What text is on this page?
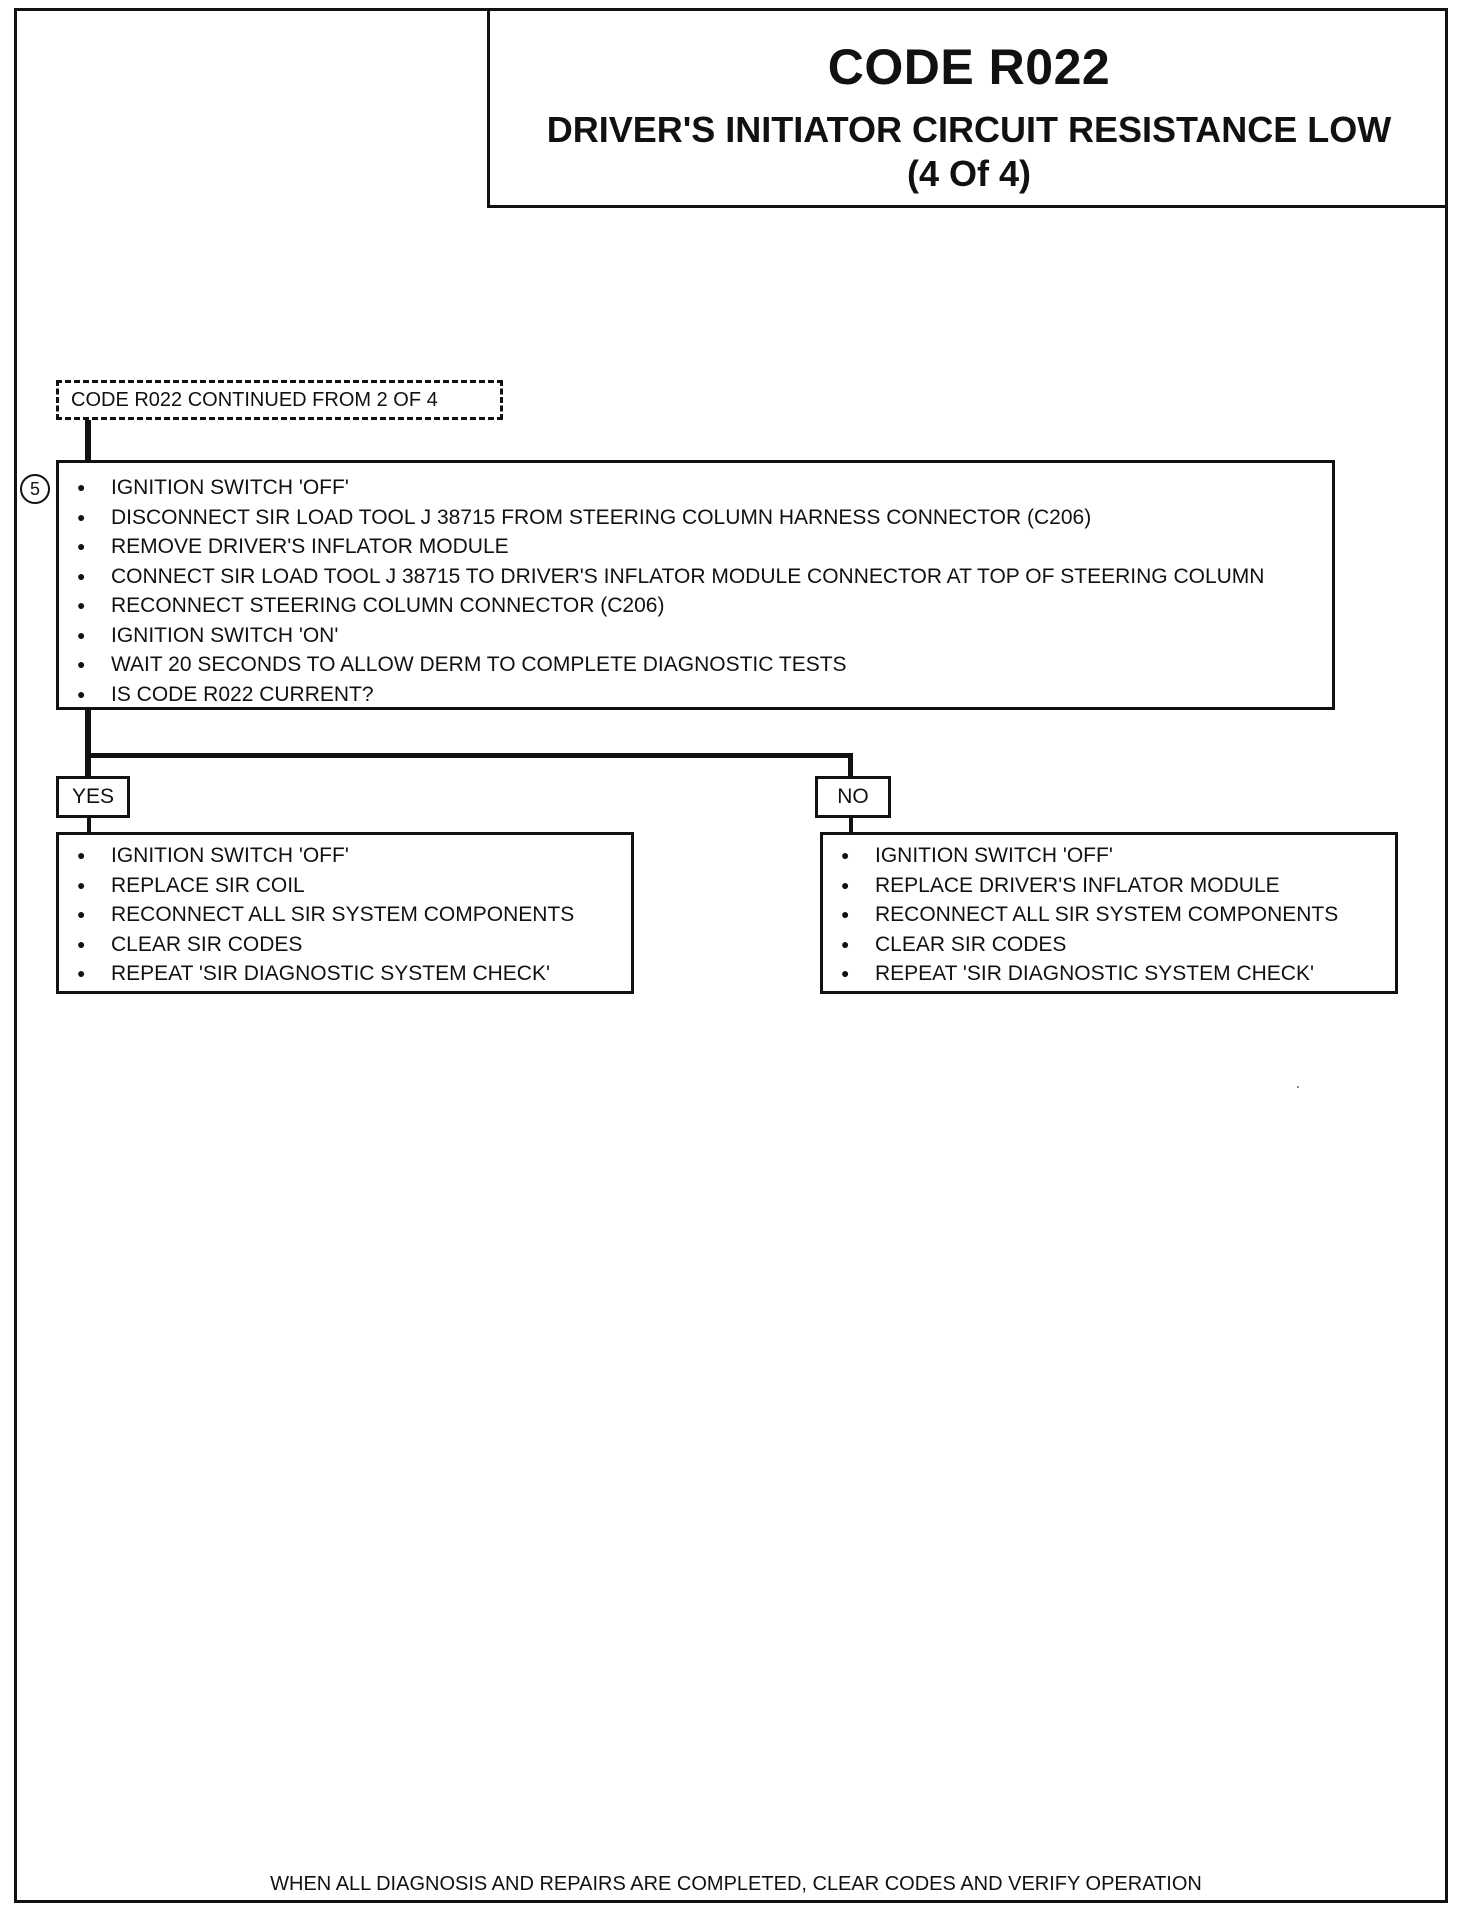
CODE R022
DRIVER'S INITIATOR CIRCUIT RESISTANCE LOW
(4 Of 4)
CODE R022 CONTINUED FROM 2 OF 4
5
●	IGNITION SWITCH 'OFF'
● DISCONNECT SIR LOAD TOOL J 38715 FROM STEERING COLUMN HARNESS CONNECTOR (C206)
● REMOVE DRIVER'S INFLATOR MODULE
● CONNECT SIR LOAD TOOL J 38715 TO DRIVER'S INFLATOR MODULE CONNECTOR AT TOP OF STEERING COLUMN
● RECONNECT STEERING COLUMN CONNECTOR (C206)
● IGNITION SWITCH 'ON'
● WAIT 20 SECONDS TO ALLOW DERM TO COMPLETE DIAGNOSTIC TESTS
● IS CODE R022 CURRENT?
YES	NO
● IGNITION SWITCH 'OFF'
● REPLACE SIR COIL
● RECONNECT ALL SIR SYSTEM COMPONENTS
● CLEAR SIR CODES
● REPEAT 'SIR DIAGNOSTIC SYSTEM CHECK'
● IGNITION SWITCH 'OFF'
● REPLACE DRIVER'S INFLATOR MODULE
● RECONNECT ALL SIR SYSTEM COMPONENTS
● CLEAR SIR CODES
● REPEAT 'SIR DIAGNOSTIC SYSTEM CHECK'
WHEN ALL DIAGNOSIS AND REPAIRS ARE COMPLETED, CLEAR CODES AND VERIFY OPERATION
